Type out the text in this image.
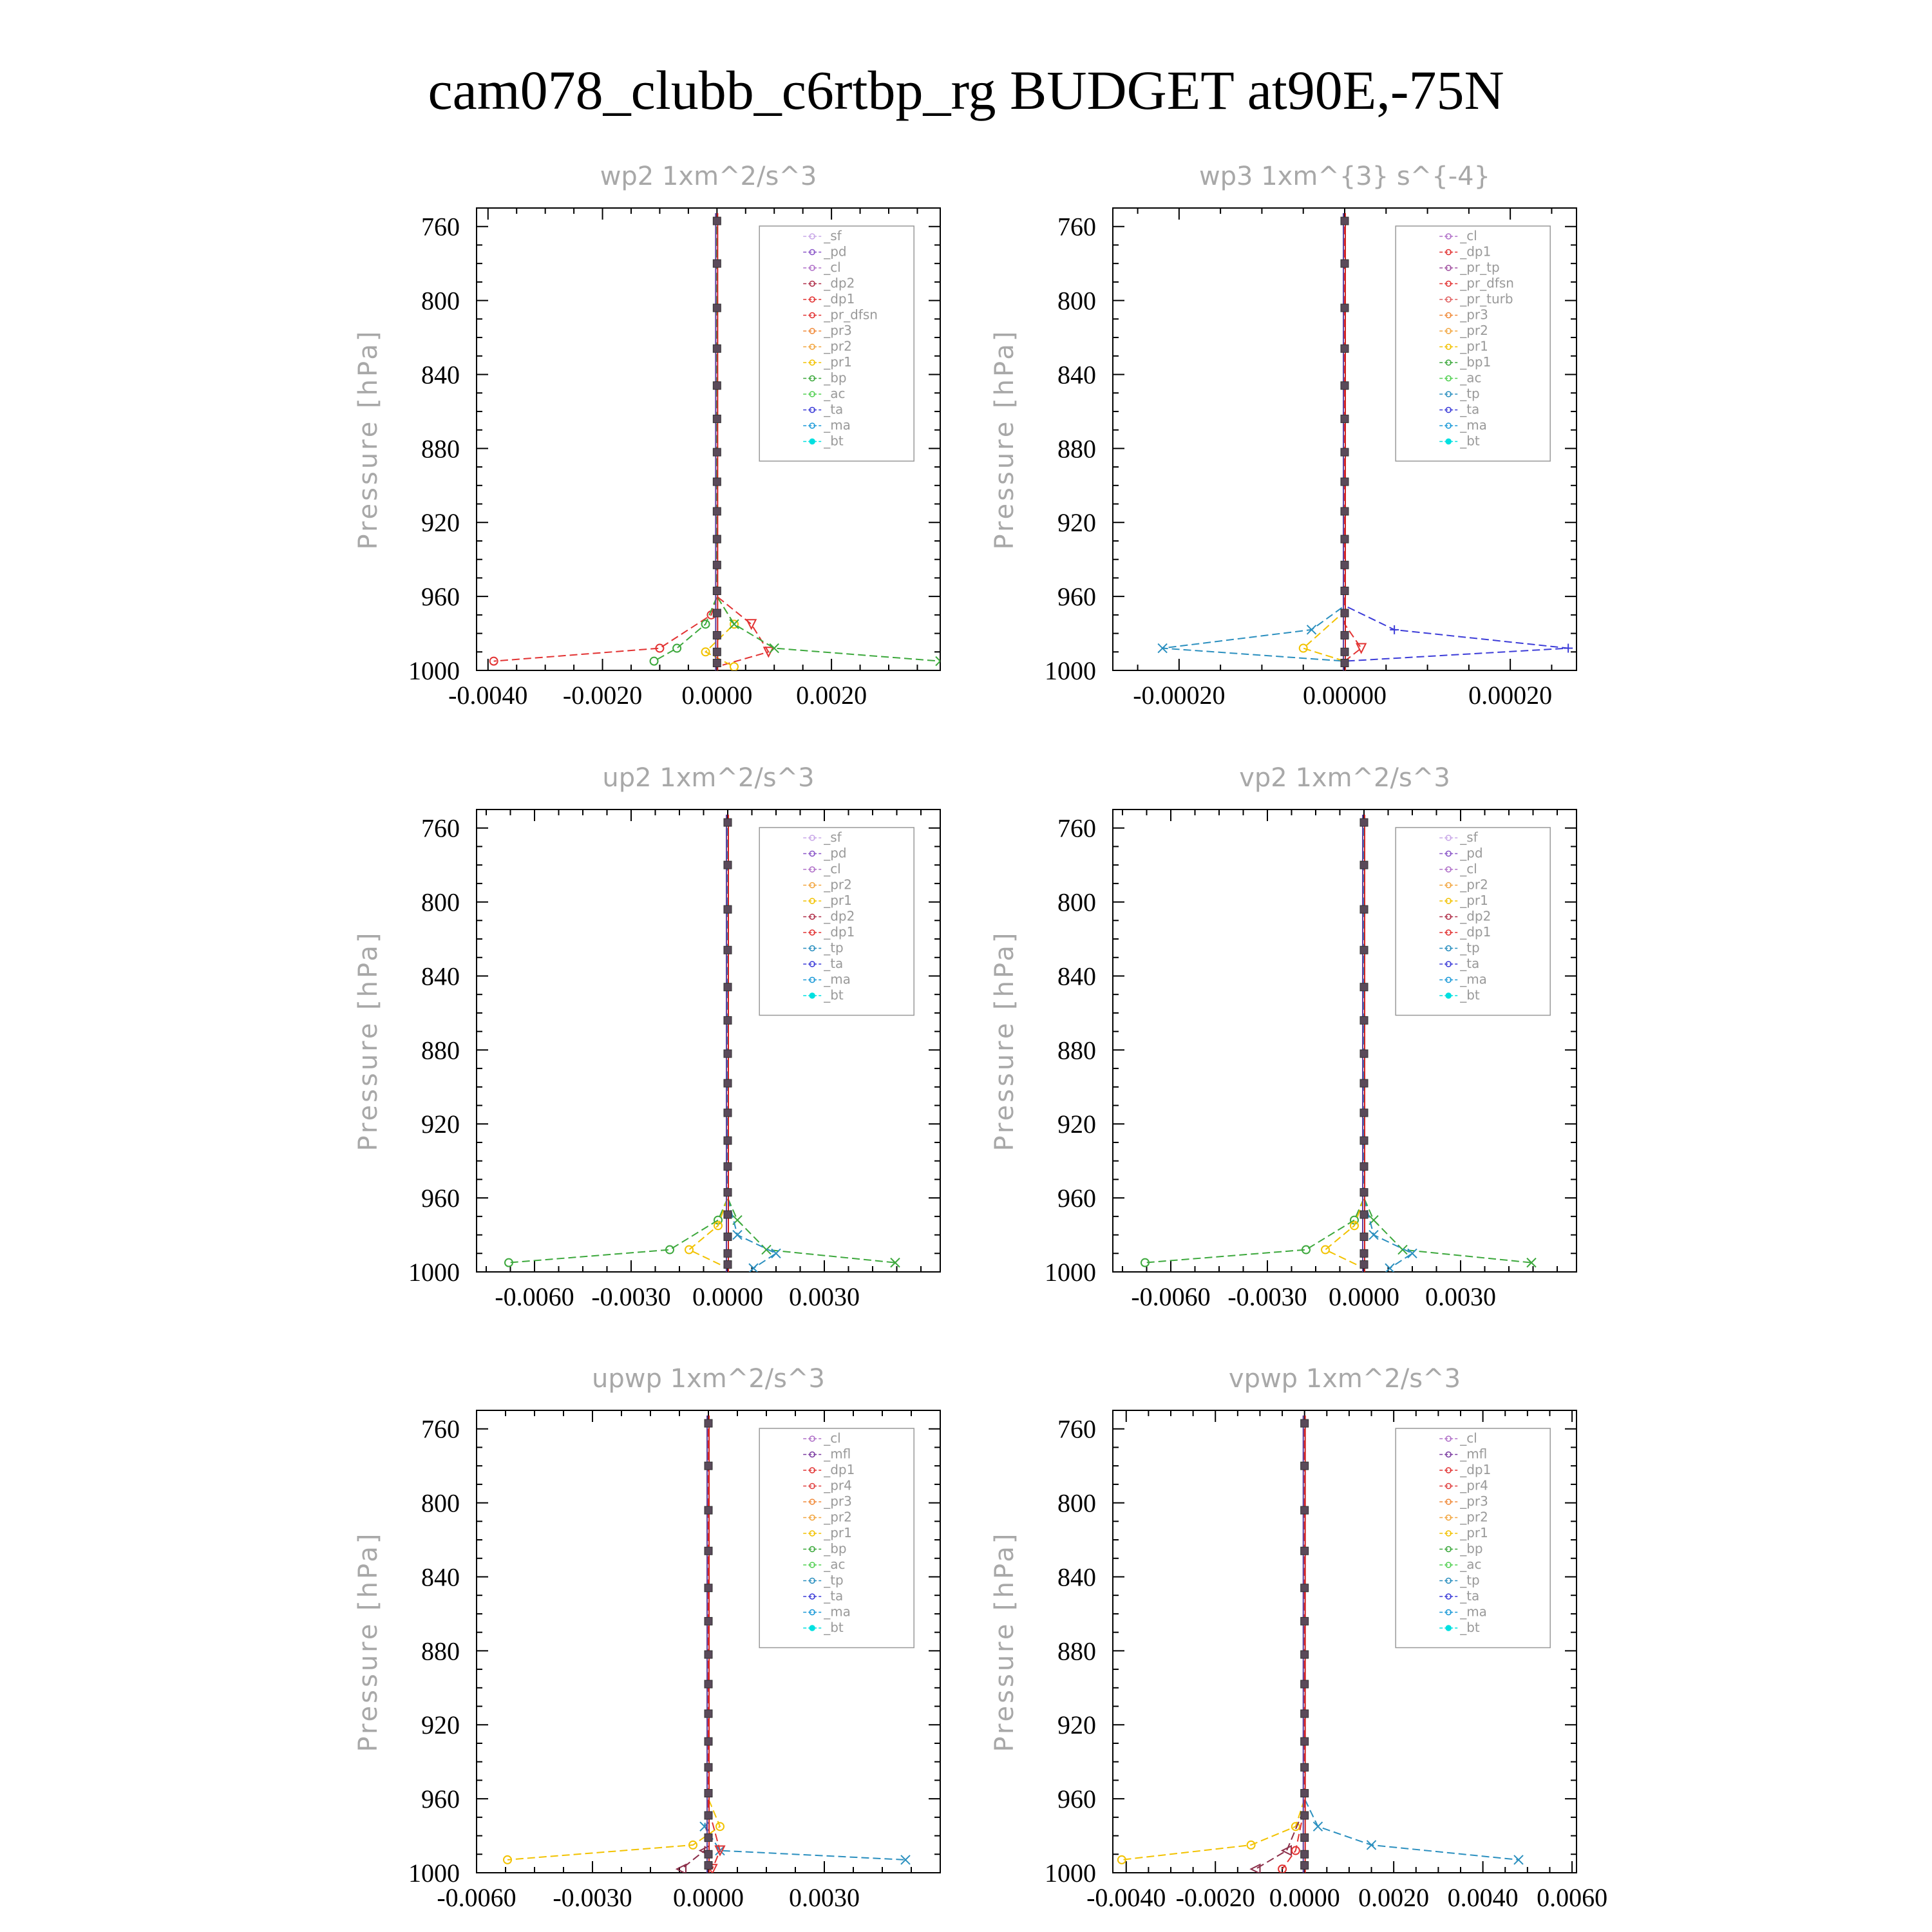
cam078_clubb_c6rtbp_rg BUDGET at90E,-75N
wp2 1xm^2/s^3
Pressure [hPa]
760
800
840
880
920
960
1000
-0.0040 -0.0020 0.0000 0.0020
_sf
_pd
_cl
_dp2
_dp1
_pr_dfsn
_pr3
_pr2
_pr1
_bp
_ac
_ta
_ma
_bt
wp3 1xm^{3} s^{-4}
Pressure [hPa]
760
800
840
880
920
960
1000
-0.00020	0.00000	0.00020
_cl
_dp1
_pr_tp
_pr_dfsn
_pr_turb
_pr3
_pr2
_pr1
_bp1
_ac
_tp
_ta
_ma
_bt
up2 1xm^2/s^3
Pressure [hPa]
760
800
840
880
920
960
1000
-0.0060 -0.0030 0.0000 0.0030
_sf
_pd
_cl
_pr2
_pr1
_dp2
_dp1
_tp
_ta
_ma
_bt
vp2 1xm^2/s^3
Pressure [hPa]
760
800
840
880
920
960
1000
-0.0060 -0.0030 0.0000 0.0030
_sf
_pd
_cl
_pr2
_pr1
_dp2
_dp1
_tp
_ta
_ma
_bt
upwp 1xm^2/s^3
Pressure [hPa]
760
800
840
880
920
960
1000
-0.0060 -0.0030 0.0000 0.0030
_cl
_mfl
_dp1
_pr4
_pr3
_pr2
_pr1
_bp
_ac
_tp
_ta
_ma
_bt
vpwp 1xm^2/s^3
Pressure [hPa]
760
800
840
880
920
960
1000
-0.0040 -0.0020 0.0000 0.0020 0.0040 0.0060
_cl
_mfl
_dp1
_pr4
_pr3
_pr2
_pr1
_bp
_ac
_tp
_ta
_ma
_bt
